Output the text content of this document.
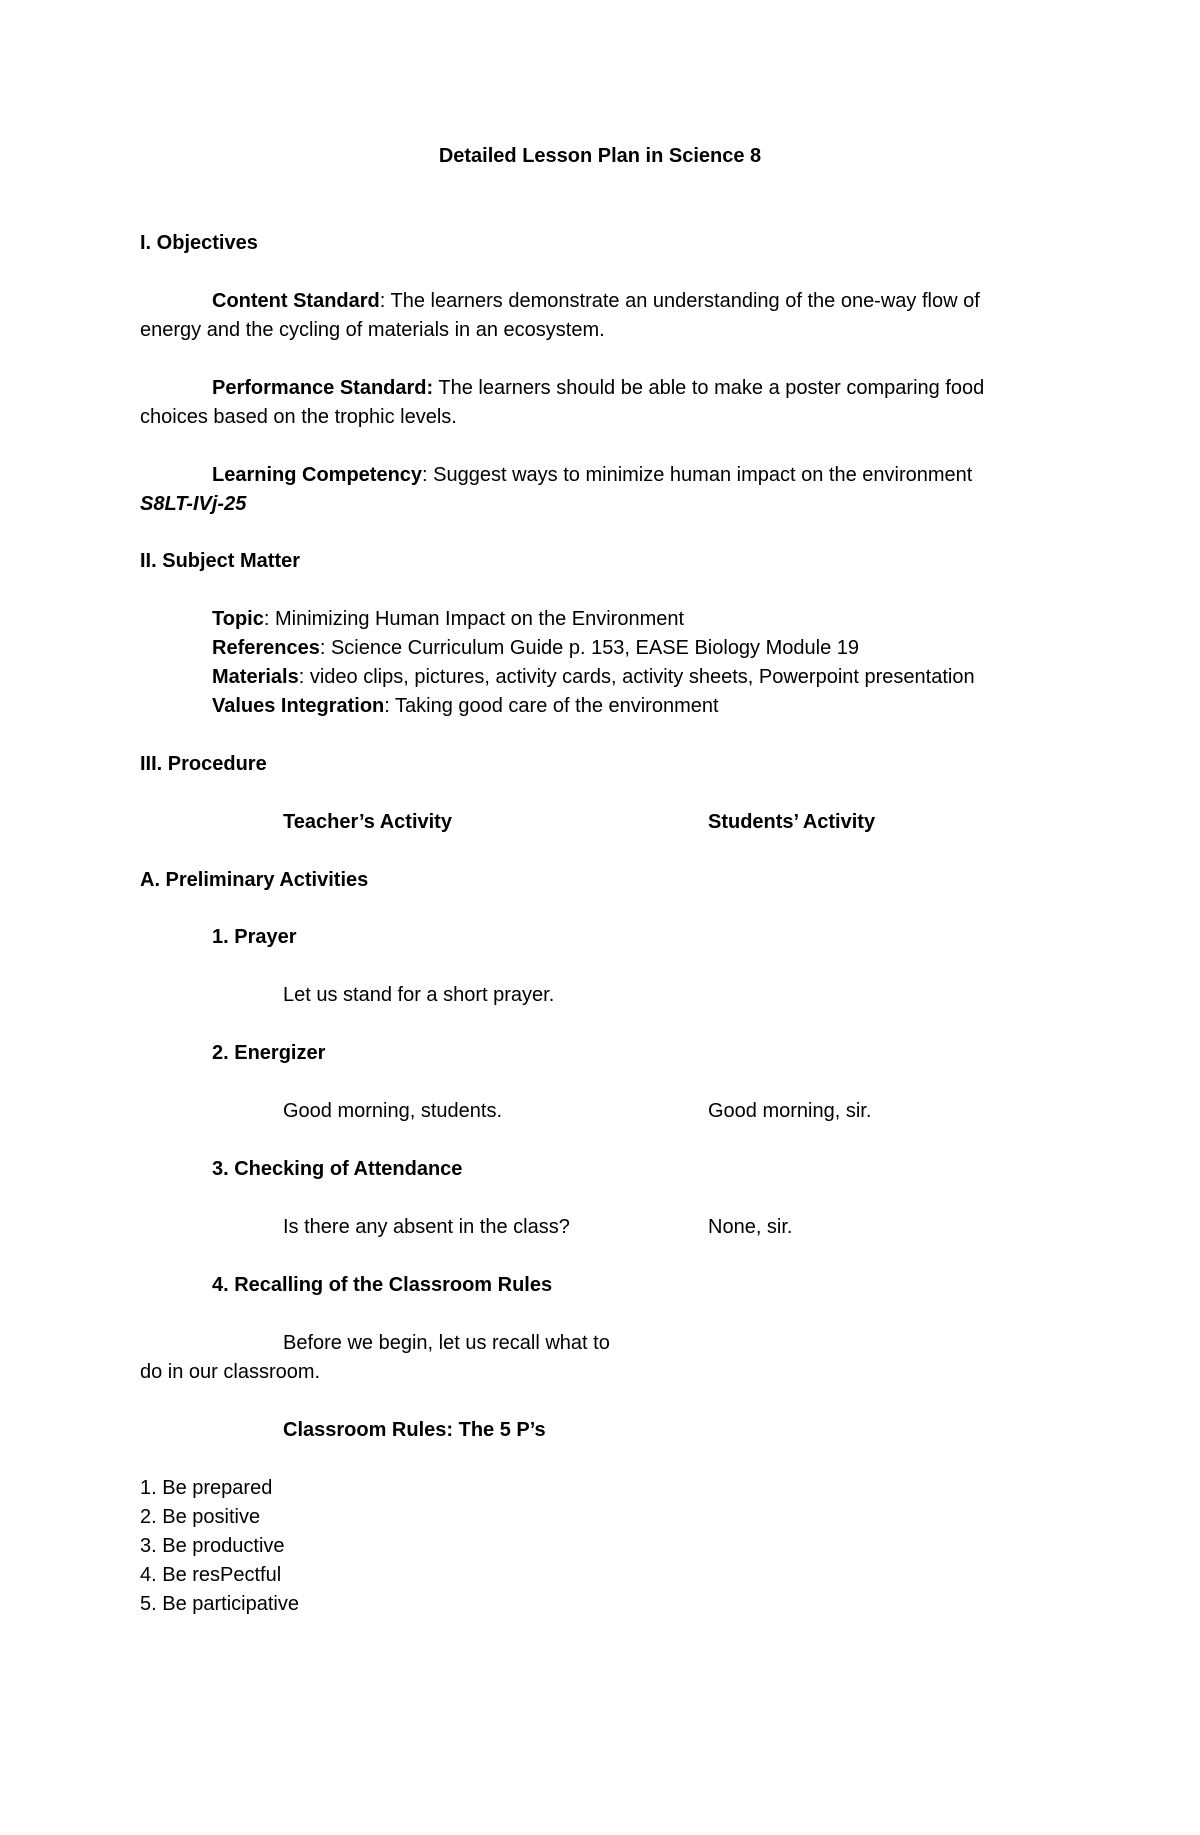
Detailed Lesson Plan in Science 8
I. Objectives
Content Standard: The learners demonstrate an understanding of the one-way flow of
energy and the cycling of materials in an ecosystem.
Performance Standard: The learners should be able to make a poster comparing food
choices based on the trophic levels.
Learning Competency: Suggest ways to minimize human impact on the environment
S8LT-IVj-25
II. Subject Matter
Topic: Minimizing Human Impact on the Environment
References: Science Curriculum Guide p. 153, EASE Biology Module 19
Materials: video clips, pictures, activity cards, activity sheets, Powerpoint presentation
Values Integration: Taking good care of the environment
III. Procedure
Teacher’s Activity	Students’ Activity
A. Preliminary Activities
1. Prayer
Let us stand for a short prayer.
2. Energizer
Good morning, students.	Good morning, sir.
3. Checking of Attendance
Is there any absent in the class?	None, sir.
4. Recalling of the Classroom Rules
Before we begin, let us recall what to
do in our classroom.
Classroom Rules: The 5 P’s
1. Be prepared
2. Be positive
3. Be productive
4. Be resPectful
5. Be participative
